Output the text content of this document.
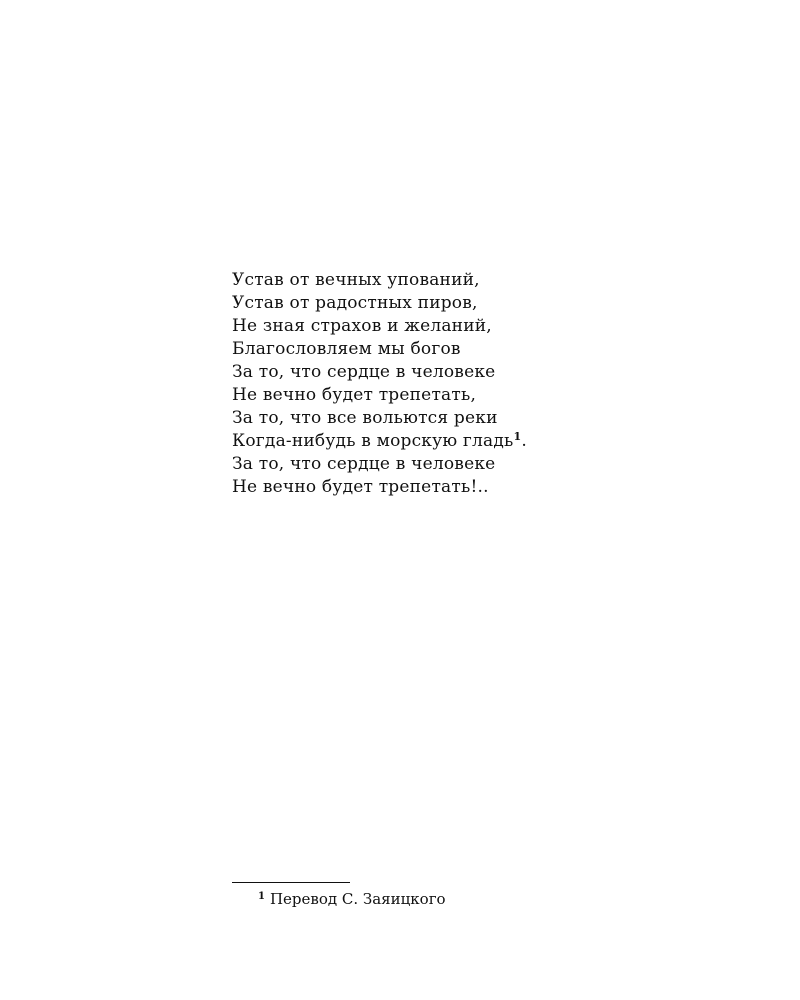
Устав от вечных упований,
Устав от радостных пиров,
Не зная страхов и желаний,
Благословляем мы богов
За то, что сердце в человеке
Не вечно будет трепетать,
За то, что все вольются реки
Когда-нибудь в морскую гладь$^1$.
За то, что сердце в человеке
Не вечно будет трепетать!..
$^1$ Перевод С. Заяицкого
